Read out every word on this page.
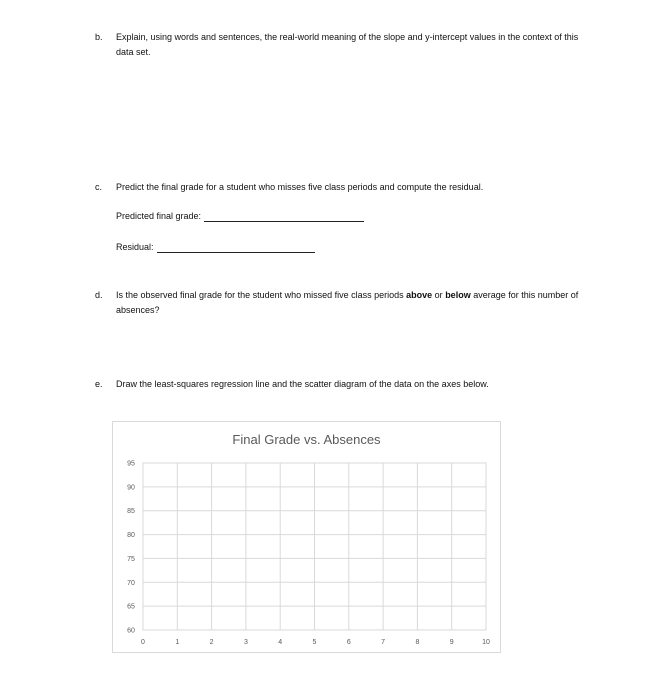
b. Explain, using words and sentences, the real-world meaning of the slope and y-intercept values in the context of this
data set.
c. Predict the final grade for a student who misses five class periods and compute the residual.
Predicted final grade:
Residual:
d. Is the observed final grade for the student who missed five class periods above or below average for this number of
absences?
e. Draw the least-squares regression line and the scatter diagram of the data on the axes below.
Final Grade vs. Absences
60
65
70
75
80
85
90
95
0	1	2	3	4	5	6	7	8	9	10
